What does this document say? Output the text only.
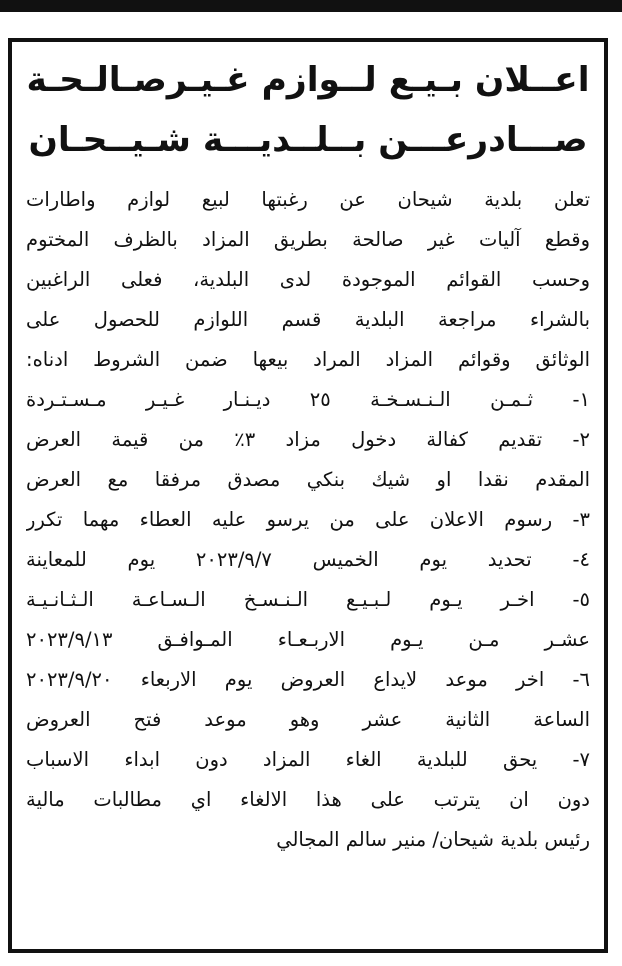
اعــلان بـيـع لــوازم غـيـرصـالـحـة
صـــادرعـــن بــلــديـــة شـيــحـان
تعلن بلدية شيحان عن رغبتها لبيع لوازم واطارات
وقطع آليات غير صالحة بطريق المزاد بالظرف المختوم
وحسب القوائم الموجودة لدى البلدية، فعلى الراغبين
بالشراء مراجعة البلدية قسم اللوازم للحصول على
الوثائق وقوائم المزاد المراد بيعها ضمن الشروط ادناه:
١- ثـمـن الـنـسـخـة ٢٥ ديـنـار غـيـر مـسـتـردة
٢- تقديم كفالة دخول مزاد ٣٪ من قيمة العرض
المقدم نقدا او شيك بنكي مصدق مرفقا مع العرض
٣- رسوم الاعلان على من يرسو عليه العطاء مهما تكرر
٤- تحديد يوم الخميس ٢٠٢٣/٩/٧ يوم للمعاينة
٥- اخـر يـوم لـبـيـع الـنـسـخ الـسـاعـة الـثـانـيـة
عشـر مـن يـوم الاربـعـاء المـوافـق ٢٠٢٣/٩/١٣
٦- اخر موعد لايداع العروض يوم الاربعاء ٢٠٢٣/٩/٢٠
الساعة الثانية عشر وهو موعد فتح العروض
٧- يحق للبلدية الغاء المزاد دون ابداء الاسباب
دون ان يترتب على هذا الالغاء اي مطالبات مالية
رئيس بلدية شيحان/ منير سالم المجالي
